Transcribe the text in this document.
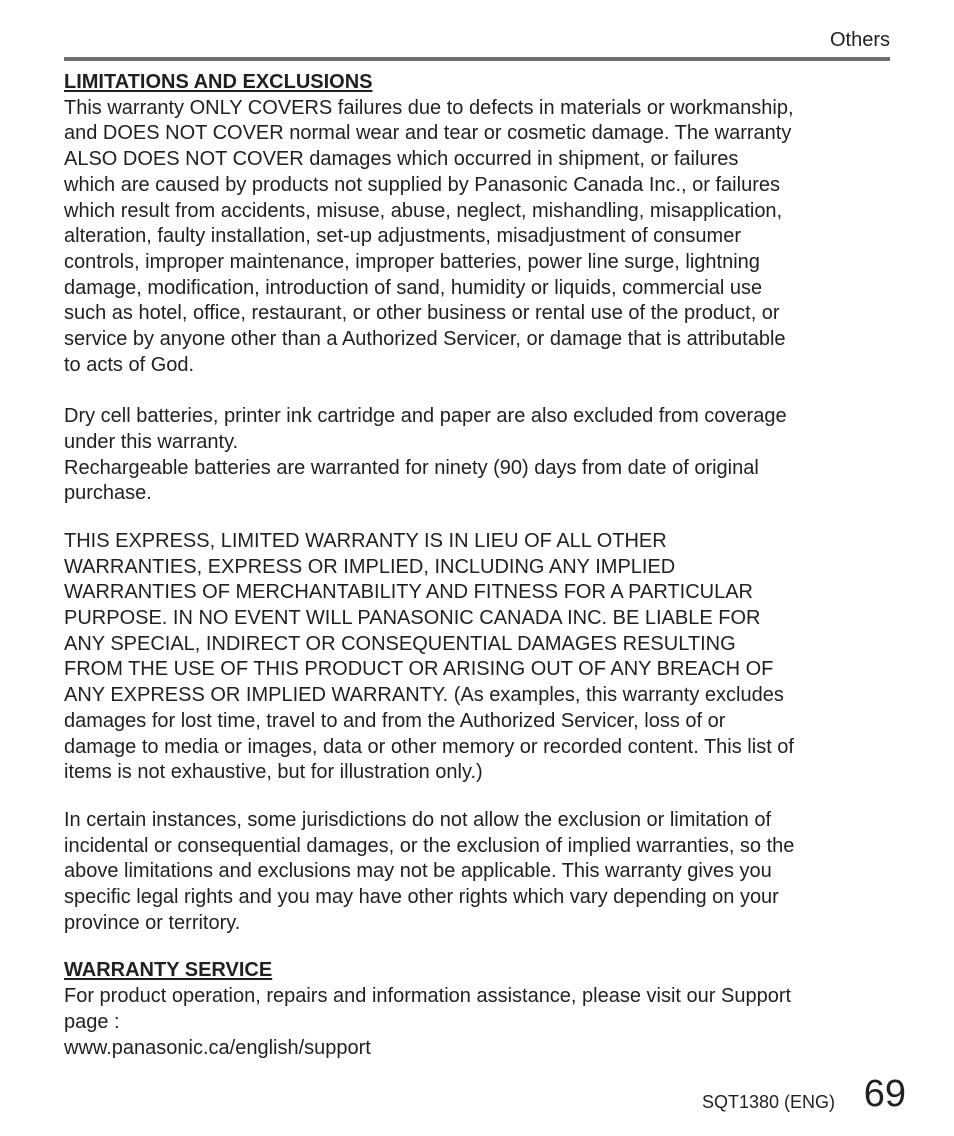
Others

LIMITATIONS AND EXCLUSIONS

This warranty ONLY COVERS failures due to defects in materials or workmanship,
and DOES NOT COVER normal wear and tear or cosmetic damage. The warranty
ALSO DOES NOT COVER damages which occurred in shipment, or failures
which are caused by products not supplied by Panasonic Canada Inc., or failures
which result from accidents, misuse, abuse, neglect, mishandling, misapplication,
alteration, faulty installation, set-up adjustments, misadjustment of consumer
controls, improper maintenance, improper batteries, power line surge, lightning
damage, modification, introduction of sand, humidity or liquids, commercial use
such as hotel, office, restaurant, or other business or rental use of the product, or
service by anyone other than a Authorized Servicer, or damage that is attributable
to acts of God.

Dry cell batteries, printer ink cartridge and paper are also excluded from coverage
under this warranty.
Rechargeable batteries are warranted for ninety (90) days from date of original
purchase.

THIS EXPRESS, LIMITED WARRANTY IS IN LIEU OF ALL OTHER
WARRANTIES, EXPRESS OR IMPLIED, INCLUDING ANY IMPLIED
WARRANTIES OF MERCHANTABILITY AND FITNESS FOR A PARTICULAR
PURPOSE. IN NO EVENT WILL PANASONIC CANADA INC. BE LIABLE FOR
ANY SPECIAL, INDIRECT OR CONSEQUENTIAL DAMAGES RESULTING
FROM THE USE OF THIS PRODUCT OR ARISING OUT OF ANY BREACH OF
ANY EXPRESS OR IMPLIED WARRANTY. (As examples, this warranty excludes
damages for lost time, travel to and from the Authorized Servicer, loss of or
damage to media or images, data or other memory or recorded content. This list of
items is not exhaustive, but for illustration only.)

In certain instances, some jurisdictions do not allow the exclusion or limitation of
incidental or consequential damages, or the exclusion of implied warranties, so the
above limitations and exclusions may not be applicable. This warranty gives you
specific legal rights and you may have other rights which vary depending on your
province or territory.

WARRANTY SERVICE

For product operation, repairs and information assistance, please visit our Support
page :

www.panasonic.ca/english/support

SQT1380 (ENG) 69
